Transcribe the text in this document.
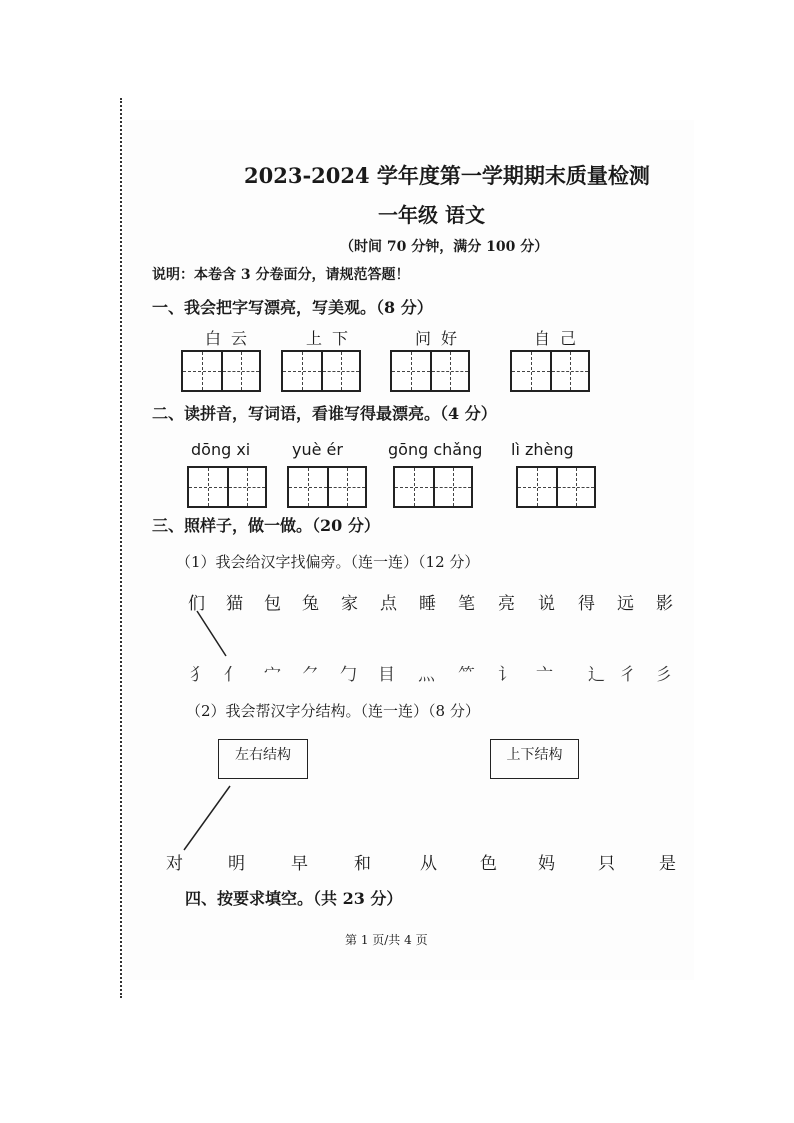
2023-2024 学年度第一学期期末质量检测
一年级 语文
（时间 70 分钟，满分 100 分）
说明：本卷含 3 分卷面分，请规范答题！
一、我会把字写漂亮，写美观。（8 分）
白云	上下	问好	自己
二、读拼音，写词语，看谁写得最漂亮。（4 分）
dōng xi	yuè ér	gōng chǎng lì zhèng
三、照样子，做一做。（20 分）
（1）我会给汉字找偏旁。（连一连）（12 分）
们 猫 包 兔 家 点 睡 笔 亮 说 得 远 影
犭 亻 宀 ⺈ 勹 目 灬 ⺮ 讠 亠 辶 彳 彡
（2）我会帮汉字分结构。（连一连）（8 分）
左右结构	上下结构
对	明	早	和	从	色 妈	只	是
四、按要求填空。（共 23 分）
第 1 页/共 4 页
